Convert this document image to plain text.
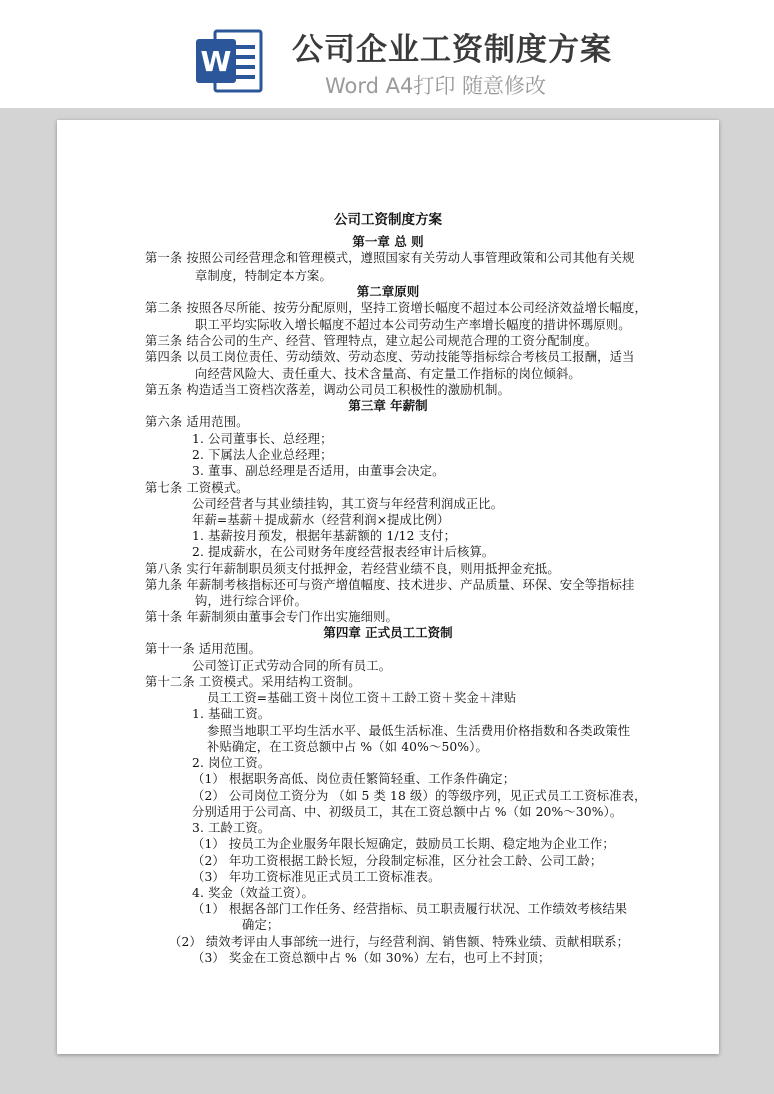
W 公司企业工资制度方案
Word A4打印 随意修改
公司工资制度方案
第一章 总 则
第一条 按照公司经营理念和管理模式，遵照国家有关劳动人事管理政策和公司其他有关规
章制度，特制定本方案。
第二章原则
第二条 按照各尽所能、按劳分配原则，坚持工资增长幅度不超过本公司经济效益增长幅度，
职工平均实际收入增长幅度不超过本公司劳动生产率增长幅度的措讲怀瑪原则。
第三条 结合公司的生产、经营、管理特点，建立起公司规范合理的工资分配制度。
第四条 以员工岗位责任、劳动绩效、劳动态度、劳动技能等指标综合考核员工报酬，适当
向经营风险大、责任重大、技术含量高、有定量工作指标的岗位倾斜。
第五条 构造适当工资档次落差，调动公司员工积极性的激励机制。
第三章 年薪制
第六条 适用范围。
1. 公司董事长、总经理；
2. 下属法人企业总经理；
3. 董事、副总经理是否适用，由董事会决定。
第七条 工资模式。
公司经营者与其业绩挂钩，其工资与年经营利润成正比。
年薪=基薪＋提成薪水（经营利润×提成比例）
1. 基薪按月预发，根据年基薪额的 1/12 支付；
2. 提成薪水，在公司财务年度经营报表经审计后核算。
第八条 实行年薪制职员须支付抵押金，若经营业绩不良，则用抵押金充抵。
第九条 年薪制考核指标还可与资产增值幅度、技术进步、产品质量、环保、安全等指标挂
钩，进行综合评价。
第十条 年薪制须由董事会专门作出实施细则。
第四章 正式员工工资制
第十一条 适用范围。
公司签订正式劳动合同的所有员工。
第十二条 工资模式。采用结构工资制。
员工工资=基础工资＋岗位工资＋工龄工资＋奖金＋津贴
1. 基础工资。
参照当地职工平均生活水平、最低生活标准、生活费用价格指数和各类政策性
补贴确定，在工资总额中占 %（如 40%～50%）。
2. 岗位工资。
（1） 根据职务高低、岗位责任繁简轻重、工作条件确定；
（2） 公司岗位工资分为 （如 5 类 18 级）的等级序列，见正式员工工资标准表，
分别适用于公司高、中、初级员工，其在工资总额中占 %（如 20%～30%）。
3. 工龄工资。
（1） 按员工为企业服务年限长短确定，鼓励员工长期、稳定地为企业工作；
（2） 年功工资根据工龄长短，分段制定标准，区分社会工龄、公司工龄；
（3） 年功工资标准见正式员工工资标准表。
4. 奖金（效益工资）。
（1） 根据各部门工作任务、经营指标、员工职责履行状况、工作绩效考核结果
确定；
（2） 绩效考评由人事部统一进行，与经营利润、销售额、特殊业绩、贡献相联系；
（3） 奖金在工资总额中占 %（如 30%）左右，也可上不封顶；
